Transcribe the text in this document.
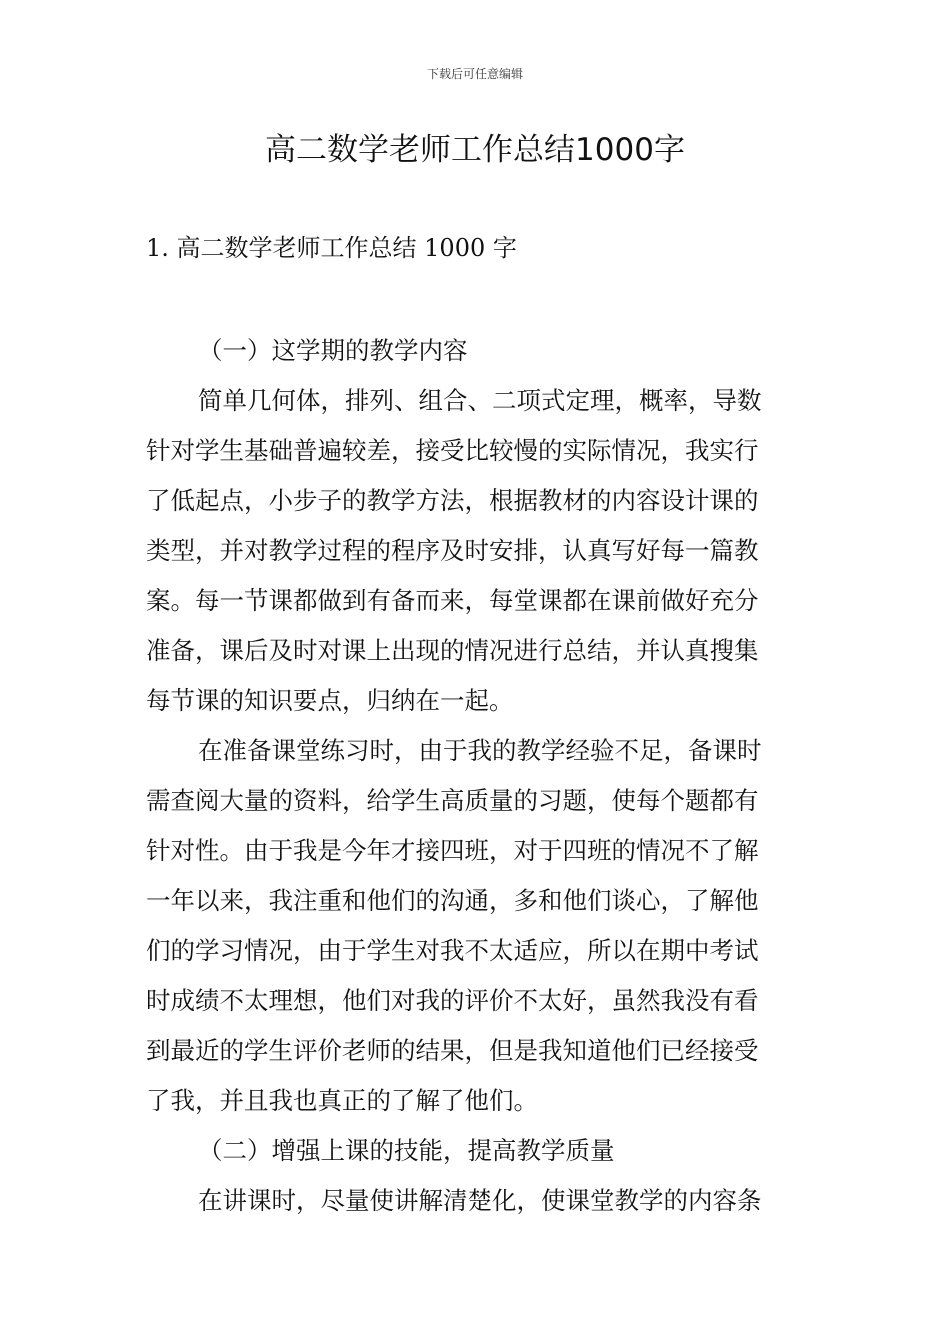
下载后可任意编辑
高二数学老师工作总结1000字
1. 高二数学老师工作总结 1000 字
（一）这学期的教学内容
简单几何体，排列、组合、二项式定理，概率，导数
针对学生基础普遍较差，接受比较慢的实际情况，我实行
了低起点，小步子的教学方法，根据教材的内容设计课的
类型，并对教学过程的程序及时安排，认真写好每一篇教
案。每一节课都做到有备而来，每堂课都在课前做好充分
准备，课后及时对课上出现的情况进行总结，并认真搜集
每节课的知识要点，归纳在一起。
在准备课堂练习时，由于我的教学经验不足，备课时
需查阅大量的资料，给学生高质量的习题，使每个题都有
针对性。由于我是今年才接四班，对于四班的情况不了解
一年以来，我注重和他们的沟通，多和他们谈心，了解他
们的学习情况，由于学生对我不太适应，所以在期中考试
时成绩不太理想，他们对我的评价不太好，虽然我没有看
到最近的学生评价老师的结果，但是我知道他们已经接受
了我，并且我也真正的了解了他们。
（二）增强上课的技能，提高教学质量
在讲课时，尽量使讲解清楚化，使课堂教学的内容条
